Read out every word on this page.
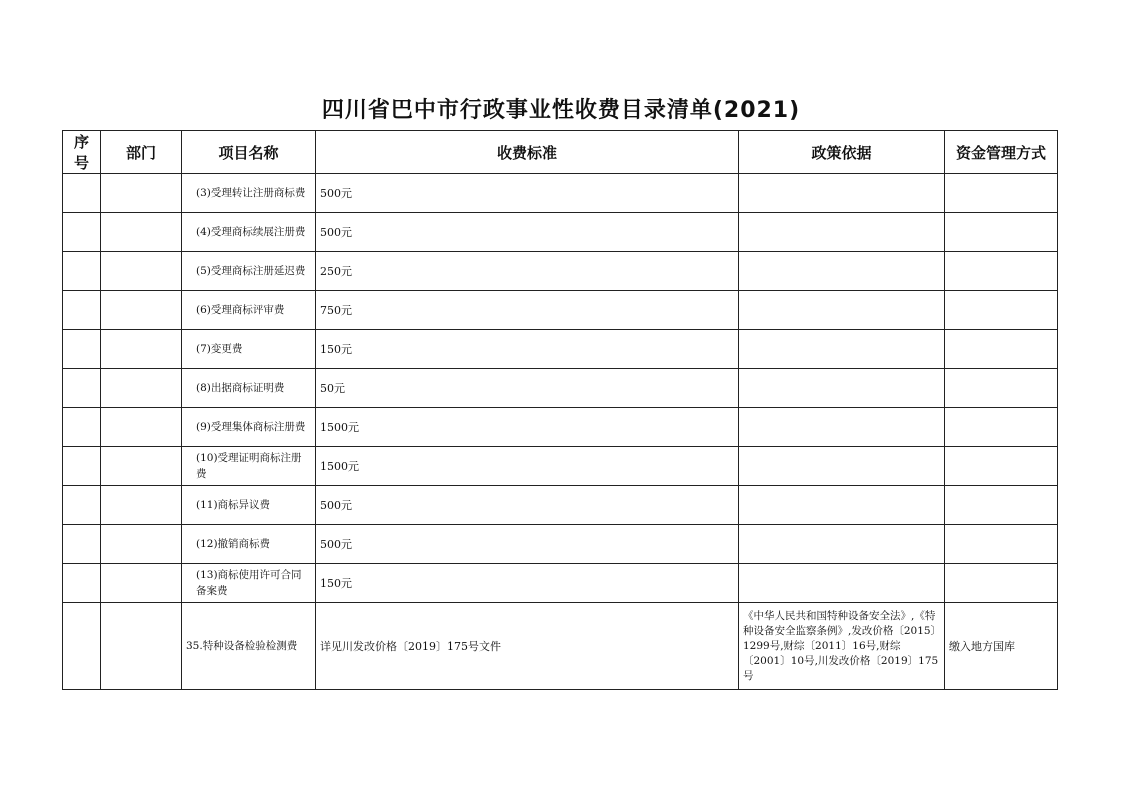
四川省巴中市行政事业性收费目录清单(2021)
序号	部门	项目名称	收费标准	政策依据	资金管理方式

		(3)受理转让注册商标费	500元		

		(4)受理商标续展注册费	500元		

		(5)受理商标注册延迟费	250元		

		(6)受理商标评审费	750元		

		(7)变更费	150元		

		(8)出据商标证明费	50元		

		(9)受理集体商标注册费	1500元		

		(10)受理证明商标注册费	1500元		

		(11)商标异议费	500元		

		(12)撤销商标费	500元		

		(13)商标使用许可合同备案费	150元		
		35.特种设备检验检测费	详见川发改价格〔2019〕175号文件	《中华人民共和国特种设备安全法》,《特种设备安全监察条例》,发改价格〔2015〕1299号,财综〔2011〕16号,财综〔2001〕10号,川发改价格〔2019〕175号	缴入地方国库
